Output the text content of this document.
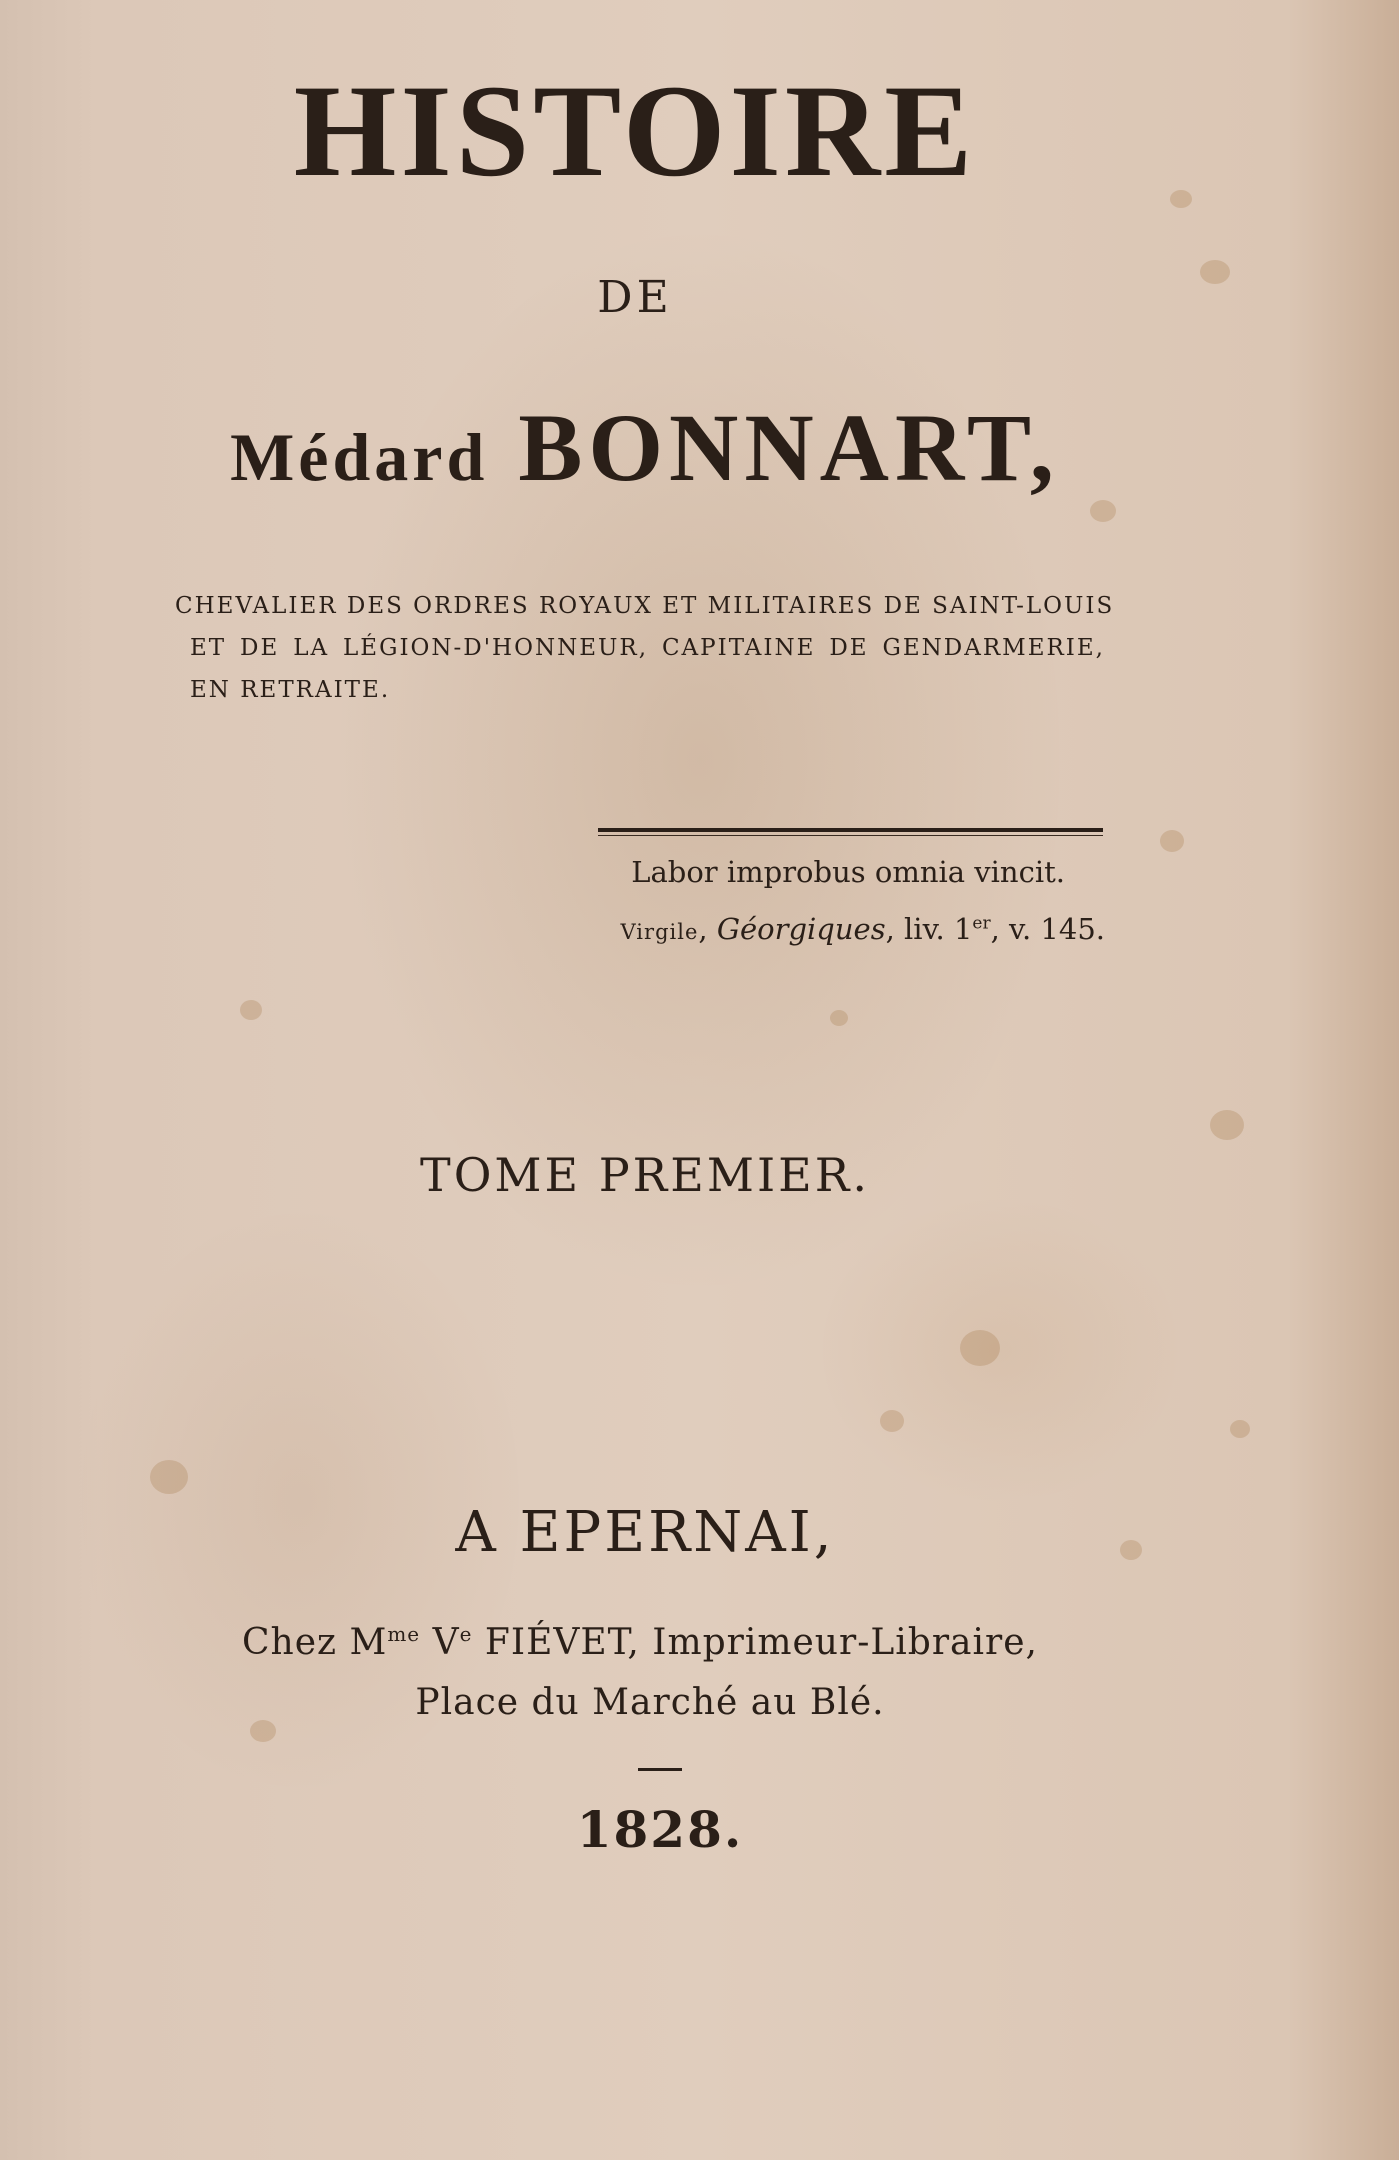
HISTOIRE
DE
Médard BONNART,
CHEVALIER DES ORDRES ROYAUX ET MILITAIRES DE SAINT-LOUIS
ET DE LA LÉGION-D'HONNEUR, CAPITAINE DE GENDARMERIE,
EN RETRAITE.
Labor improbus omnia vincit.
Virgile, Géorgiques, liv. 1er, v. 145.
TOME PREMIER.
A EPERNAI,
Chez $M^{me}$ Ve FIÉVET, Imprimeur-Libraire,
Place du Marché au Blé.
1828.
